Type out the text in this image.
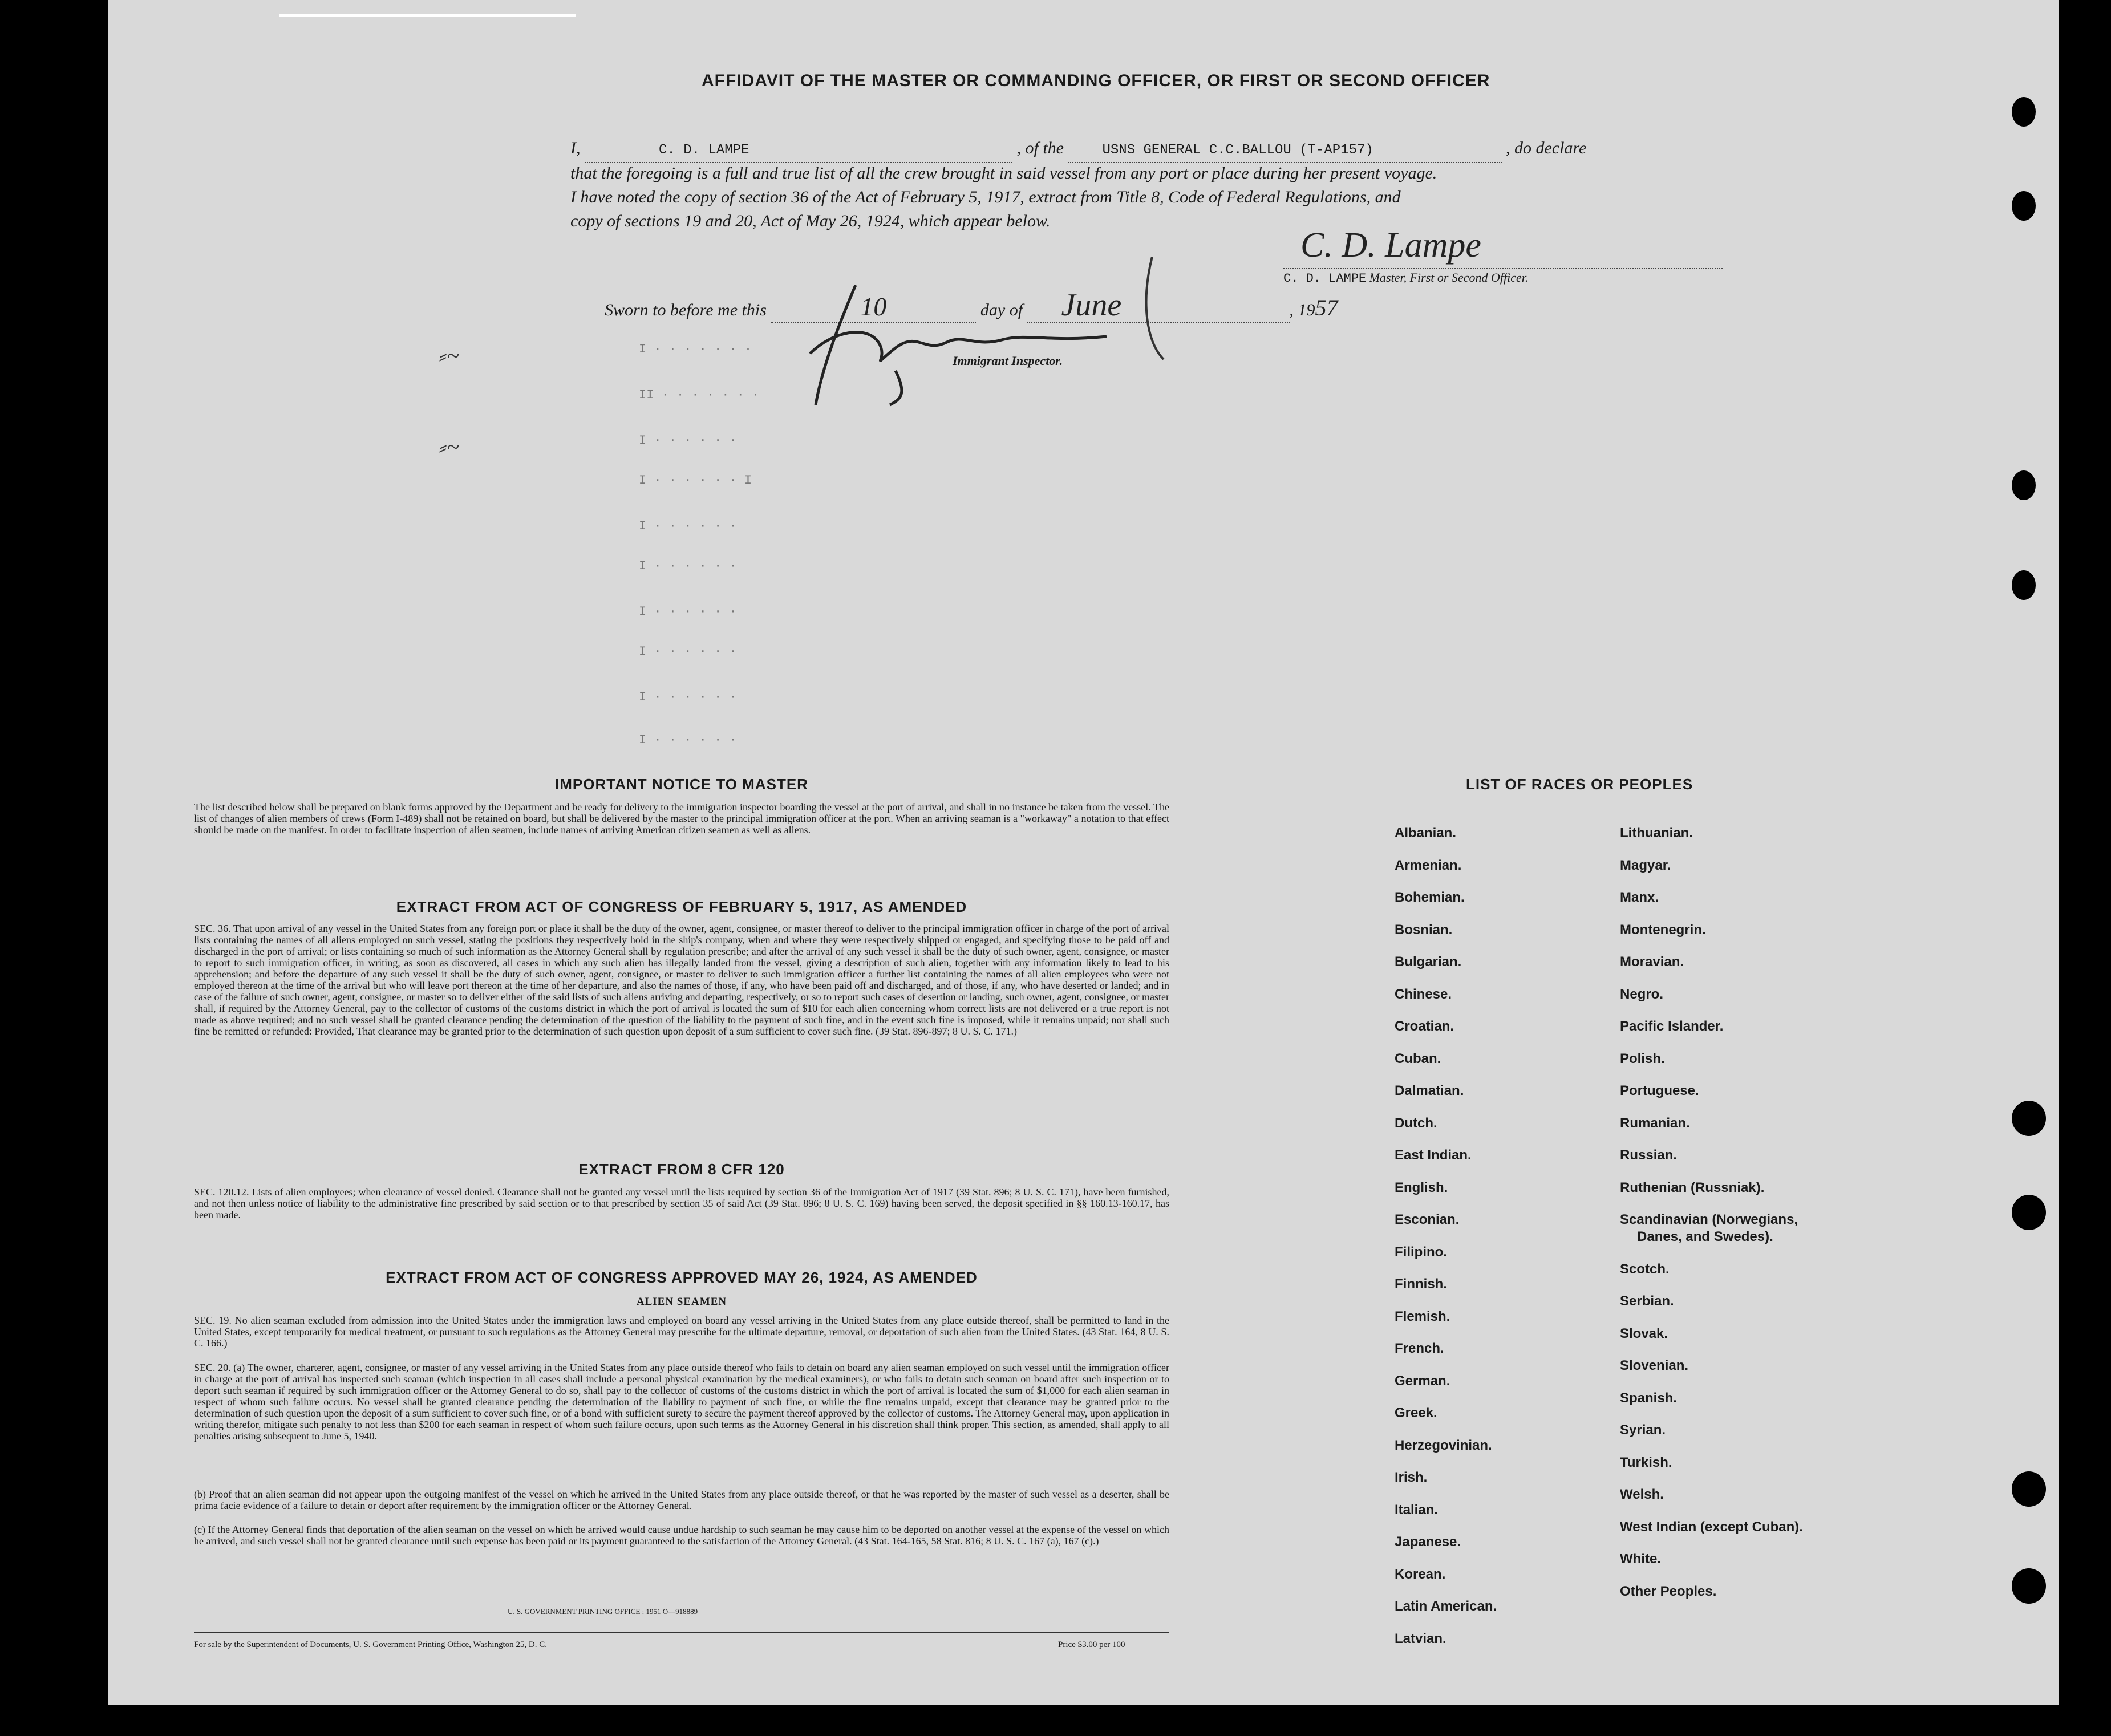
AFFIDAVIT OF THE MASTER OR COMMANDING OFFICER, OR FIRST OR SECOND OFFICER
I,	C. D. LAMPE	, of the	USNS GENERAL C.C.BALLOU (T-AP157)	, do declare
that the foregoing is a full and true list of all the crew brought in said vessel from any port or place during her present voyage.
I have noted the copy of section 36 of the Act of February 5, 1917, extract from Title 8, Code of Federal Regulations, and
copy of sections 19 and 20, Act of May 26, 1924, which appear below.
C. D. Lampe
C. D. LAMPE Master, First or Second Officer.
Sworn to before me this	10	day of June	, 1957
Immigrant Inspector.
I · · · · · · ·
II · · · · · · ·
I · · · · · ·
I · · · · · · I
I · · · · · ·
I · · · · · ·
I · · · · · ·
I · · · · · ·
I · · · · · ·
I · · · · · ·
IMPORTANT NOTICE TO MASTER
The list described below shall be prepared on blank forms approved by the Department and be ready for delivery to the immigration inspector boarding the vessel at the port of arrival, and shall in no instance be taken from the vessel. The list of changes of alien members of crews (Form I-489) shall not be retained on board, but shall be delivered by the master to the principal immigration officer at the port. When an arriving seaman is a "workaway" a notation to that effect should be made on the manifest. In order to facilitate inspection of alien seamen, include names of arriving American citizen seamen as well as aliens.
EXTRACT FROM ACT OF CONGRESS OF FEBRUARY 5, 1917, AS AMENDED
SEC. 36. That upon arrival of any vessel in the United States from any foreign port or place it shall be the duty of the owner, agent, consignee, or master thereof to deliver to the principal immigration officer in charge of the port of arrival lists containing the names of all aliens employed on such vessel, stating the positions they respectively hold in the ship's company, when and where they were respectively shipped or engaged, and specifying those to be paid off and discharged in the port of arrival; or lists containing so much of such information as the Attorney General shall by regulation prescribe; and after the arrival of any such vessel it shall be the duty of such owner, agent, consignee, or master to report to such immigration officer, in writing, as soon as discovered, all cases in which any such alien has illegally landed from the vessel, giving a description of such alien, together with any information likely to lead to his apprehension; and before the departure of any such vessel it shall be the duty of such owner, agent, consignee, or master to deliver to such immigration officer a further list containing the names of all alien employees who were not employed thereon at the time of the arrival but who will leave port thereon at the time of her departure, and also the names of those, if any, who have been paid off and discharged, and of those, if any, who have deserted or landed; and in case of the failure of such owner, agent, consignee, or master so to deliver either of the said lists of such aliens arriving and departing, respectively, or so to report such cases of desertion or landing, such owner, agent, consignee, or master shall, if required by the Attorney General, pay to the collector of customs of the customs district in which the port of arrival is located the sum of $10 for each alien concerning whom correct lists are not delivered or a true report is not made as above required; and no such vessel shall be granted clearance pending the determination of the question of the liability to the payment of such fine, and in the event such fine is imposed, while it remains unpaid; nor shall such fine be remitted or refunded: Provided, That clearance may be granted prior to the determination of such question upon deposit of a sum sufficient to cover such fine. (39 Stat. 896-897; 8 U. S. C. 171.)
EXTRACT FROM 8 CFR 120
SEC. 120.12. Lists of alien employees; when clearance of vessel denied. Clearance shall not be granted any vessel until the lists required by section 36 of the Immigration Act of 1917 (39 Stat. 896; 8 U. S. C. 171), have been furnished, and not then unless notice of liability to the administrative fine prescribed by said section or to that prescribed by section 35 of said Act (39 Stat. 896; 8 U. S. C. 169) having been served, the deposit specified in §§ 160.13-160.17, has been made.
EXTRACT FROM ACT OF CONGRESS APPROVED MAY 26, 1924, AS AMENDED
ALIEN SEAMEN
SEC. 19. No alien seaman excluded from admission into the United States under the immigration laws and employed on board any vessel arriving in the United States from any place outside thereof, shall be permitted to land in the United States, except temporarily for medical treatment, or pursuant to such regulations as the Attorney General may prescribe for the ultimate departure, removal, or deportation of such alien from the United States. (43 Stat. 164, 8 U. S. C. 166.)
SEC. 20. (a) The owner, charterer, agent, consignee, or master of any vessel arriving in the United States from any place outside thereof who fails to detain on board any alien seaman employed on such vessel until the immigration officer in charge at the port of arrival has inspected such seaman (which inspection in all cases shall include a personal physical examination by the medical examiners), or who fails to detain such seaman on board after such inspection or to deport such seaman if required by such immigration officer or the Attorney General to do so, shall pay to the collector of customs of the customs district in which the port of arrival is located the sum of $1,000 for each alien seaman in respect of whom such failure occurs. No vessel shall be granted clearance pending the determination of the liability to payment of such fine, or while the fine remains unpaid, except that clearance may be granted prior to the determination of such question upon the deposit of a sum sufficient to cover such fine, or of a bond with sufficient surety to secure the payment thereof approved by the collector of customs. The Attorney General may, upon application in writing therefor, mitigate such penalty to not less than $200 for each seaman in respect of whom such failure occurs, upon such terms as the Attorney General in his discretion shall think proper. This section, as amended, shall apply to all penalties arising subsequent to June 5, 1940.
(b) Proof that an alien seaman did not appear upon the outgoing manifest of the vessel on which he arrived in the United States from any place outside thereof, or that he was reported by the master of such vessel as a deserter, shall be prima facie evidence of a failure to detain or deport after requirement by the immigration officer or the Attorney General.
(c) If the Attorney General finds that deportation of the alien seaman on the vessel on which he arrived would cause undue hardship to such seaman he may cause him to be deported on another vessel at the expense of the vessel on which he arrived, and such vessel shall not be granted clearance until such expense has been paid or its payment guaranteed to the satisfaction of the Attorney General. (43 Stat. 164-165, 58 Stat. 816; 8 U. S. C. 167 (a), 167 (c).)
U. S. GOVERNMENT PRINTING OFFICE : 1951 O—918889
For sale by the Superintendent of Documents, U. S. Government Printing Office, Washington 25, D. C.	Price $3.00 per 100
LIST OF RACES OR PEOPLES
Albanian.
Armenian.
Bohemian.
Bosnian.
Bulgarian.
Chinese.
Croatian.
Cuban.
Dalmatian.
Dutch.
East Indian.
English.
Esconian.
Filipino.
Finnish.
Flemish.
French.
German.
Greek.
Herzegovinian.
Irish.
Italian.
Japanese.
Korean.
Latin American.
Latvian.
Lithuanian.
Magyar.
Manx.
Montenegrin.
Moravian.
Negro.
Pacific Islander.
Polish.
Portuguese.
Rumanian.
Russian.
Ruthenian (Russniak).
Scandinavian (Norwegians,
Danes, and Swedes).
Scotch.
Serbian.
Slovak.
Slovenian.
Spanish.
Syrian.
Turkish.
Welsh.
West Indian (except Cuban).
White.
Other Peoples.
⸗~
⸗~
